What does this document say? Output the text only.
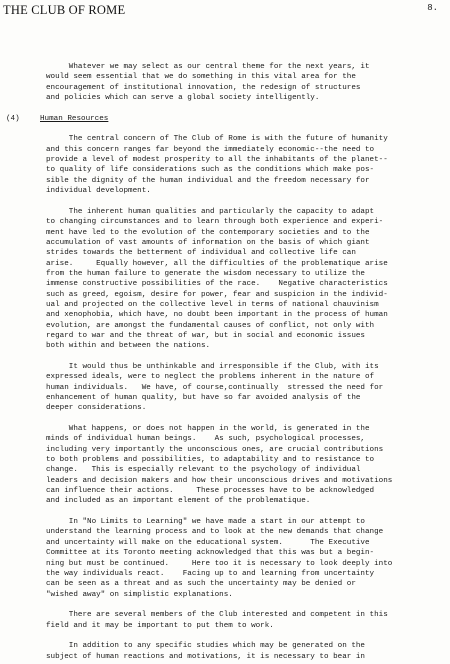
THE CLUB OF ROME	8.
Whatever we may select as our central theme for the next years, it
would seem essential that we do something in this vital area for the
encouragement of institutional innovation, the redesign of structures
and policies which can serve a global society intelligently.
(4)	Human Resources
The central concern of The Club of Rome is with the future of humanity
and this concern ranges far beyond the immediately economic--the need to
provide a level of modest prosperity to all the inhabitants of the planet--
to quality of life considerations such as the conditions which make pos-
sible the dignity of the human individual and the freedom necessary for
individual development.
The inherent human qualities and particularly the capacity to adapt
to changing circumstances and to learn through both experience and experi-
ment have led to the evolution of the contemporary societies and to the
accumulation of vast amounts of information on the basis of which giant
strides towards the betterment of individual and collective life can
arise.     Equally however, all the difficulties of the problematique arise
from the human failure to generate the wisdom necessary to utilize the
immense constructive possibilities of the race.    Negative characteristics
such as greed, egoism, desire for power, fear and suspicion in the individ-
ual and projected on the collective level in terms of national chauvinism
and xenophobia, which have, no doubt been important in the process of human
evolution, are amongst the fundamental causes of conflict, not only with
regard to war and the threat of war, but in social and economic issues
both within and between the nations.
It would thus be unthinkable and irresponsible if the Club, with its
expressed ideals, were to neglect the problems inherent in the nature of
human individuals.   We have, of course,continually  stressed the need for
enhancement of human quality, but have so far avoided analysis of the
deeper considerations.
What happens, or does not happen in the world, is generated in the
minds of individual human beings.    As such, psychological processes,
including very importantly the unconscious ones, are crucial contributions
to both problems and possibilities, to adaptability and to resistance to
change.   This is especially relevant to the psychology of individual
leaders and decision makers and how their unconscious drives and motivations
can influence their actions.     These processes have to be acknowledged
and included as an important element of the problematique.
In "No Limits to Learning" we have made a start in our attempt to
understand the learning process and to look at the new demands that change
and uncertainty will make on the educational system.      The Executive
Committee at its Toronto meeting acknowledged that this was but a begin-
ning but must be continued.     Here too it is necessary to look deeply into
the way individuals react.    Facing up to and learning from uncertainty
can be seen as a threat and as such the uncertainty may be denied or
"wished away" on simplistic explanations.
There are several members of the Club interested and competent in this
field and it may be important to put them to work.
In addition to any specific studies which may be generated on the
subject of human reactions and motivations, it is necessary to bear in
